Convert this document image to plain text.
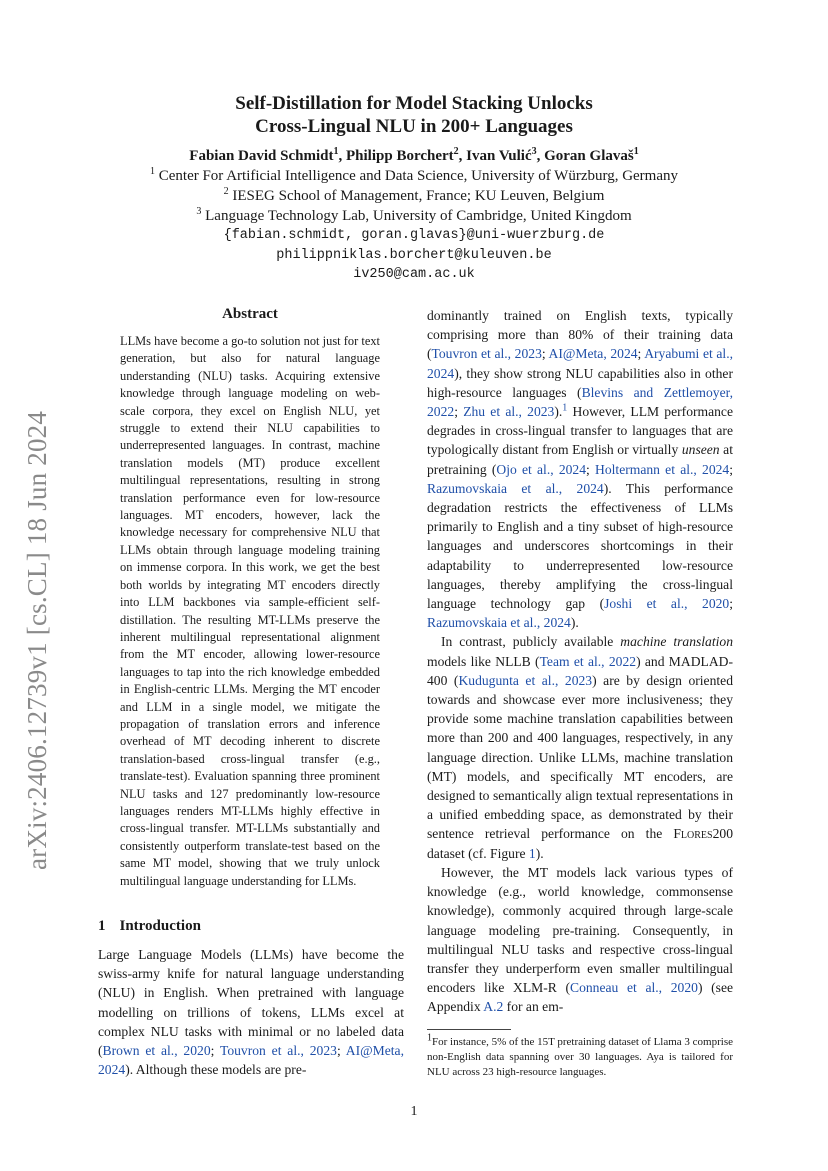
arXiv:2406.12739v1 [cs.CL] 18 Jun 2024
Self-Distillation for Model Stacking Unlocks
Cross-Lingual NLU in 200+ Languages
Fabian David Schmidt$^1$, Philipp Borchert$^2$, Ivan Vulić$^3$, Goran Glavaš$^1$
$^1$ Center For Artificial Intelligence and Data Science, University of Würzburg, Germany
$^2$ IESEG School of Management, France; KU Leuven, Belgium
$^3$ Language Technology Lab, University of Cambridge, United Kingdom
{fabian.schmidt, goran.glavas}@uni-wuerzburg.de
philippniklas.borchert@kuleuven.be
iv250@cam.ac.uk
Abstract
LLMs have become a go-to solution not just for text generation, but also for natural language understanding (NLU) tasks. Acquiring extensive knowledge through language modeling on web-scale corpora, they excel on English NLU, yet struggle to extend their NLU capabilities to underrepresented languages. In contrast, machine translation models (MT) produce excellent multilingual representations, resulting in strong translation performance even for low-resource languages. MT encoders, however, lack the knowledge necessary for comprehensive NLU that LLMs obtain through language modeling training on immense corpora. In this work, we get the best both worlds by integrating MT encoders directly into LLM backbones via sample-efficient self-distillation. The resulting MT-LLMs preserve the inherent multilingual representational alignment from the MT encoder, allowing lower-resource languages to tap into the rich knowledge embedded in English-centric LLMs. Merging the MT encoder and LLM in a single model, we mitigate the propagation of translation errors and inference overhead of MT decoding inherent to discrete translation-based cross-lingual transfer (e.g., translate-test). Evaluation spanning three prominent NLU tasks and 127 predominantly low-resource languages renders MT-LLMs highly effective in cross-lingual transfer. MT-LLMs substantially and consistently outperform translate-test based on the same MT model, showing that we truly unlock multilingual language understanding for LLMs.
1 Introduction

Large Language Models (LLMs) have become the swiss-army knife for natural language understanding (NLU) in English. When pretrained with language modelling on trillions of tokens, LLMs excel at complex NLU tasks with minimal or no labeled data (Brown et al., 2020; Touvron et al., 2023; AI@Meta, 2024). Although these models are pre-

dominantly trained on English texts, typically comprising more than 80% of their training data (Touvron et al., 2023; AI@Meta, 2024; Aryabumi et al., 2024), they show strong NLU capabilities also in other high-resource languages (Blevins and Zettlemoyer, 2022; Zhu et al., 2023).$^1$ However, LLM performance degrades in cross-lingual transfer to languages that are typologically distant from English or virtually unseen at pretraining (Ojo et al., 2024; Holtermann et al., 2024; Razumovskaia et al., 2024). This performance degradation restricts the effectiveness of LLMs primarily to English and a tiny subset of high-resource languages and underscores shortcomings in their adaptability to underrepresented low-resource languages, thereby amplifying the cross-lingual language technology gap (Joshi et al., 2020; Razumovskaia et al., 2024).

In contrast, publicly available machine translation models like NLLB (Team et al., 2022) and MADLAD-400 (Kudugunta et al., 2023) are by design oriented towards and showcase ever more inclusiveness; they provide some machine translation capabilities between more than 200 and 400 languages, respectively, in any language direction. Unlike LLMs, machine translation (MT) models, and specifically MT encoders, are designed to semantically align textual representations in a unified embedding space, as demonstrated by their sentence retrieval performance on the Flores200 dataset (cf. Figure 1).

However, the MT models lack various types of knowledge (e.g., world knowledge, commonsense knowledge), commonly acquired through large-scale language modeling pre-training. Consequently, in multilingual NLU tasks and respective cross-lingual transfer they underperform even smaller multilingual encoders like XLM-R (Conneau et al., 2020) (see Appendix A.2 for an em-

$^1$For instance, 5% of the 15T pretraining dataset of Llama 3 comprise non-English data spanning over 30 languages. Aya is tailored for NLU across 23 high-resource languages.
1
